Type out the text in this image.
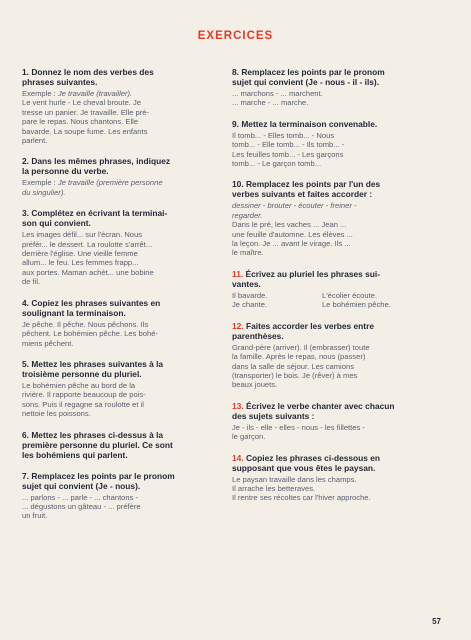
EXERCICES
1. Donnez le nom des verbes des
phrases suivantes.
Exemple : Je travaille (travailler).
Le vent hurle - Le cheval broute. Je
tresse un panier. Je travaille. Elle pré-
pare le repas. Nous chantons. Elle
bavarde. La soupe fume. Les enfants
parlent.
2. Dans les mêmes phrases, indiquez
la personne du verbe.
Exemple : Je travaille (première personne
du singulier).
3. Complétez en écrivant la terminai-
son qui convient.
Les images défil... sur l'écran. Nous
préfér... le dessert. La roulotte s'arrêt...
derrière l'église. Une vieille femme
allum... le feu. Les femmes frapp...
aux portes. Maman achèt... une bobine
de fil.
4. Copiez les phrases suivantes en
soulignant la terminaison.
Je pêche. Il pêche. Nous pêchons. Ils
pêchent. Le bohémien pêche. Les bohé-
miens pêchent.
5. Mettez les phrases suivantes à la
troisième personne du pluriel.
Le bohémien pêche au bord de la
rivière. Il rapporte beaucoup de pois-
sons. Puis il regagne sa roulotte et il
nettoie les poissons.
6. Mettez les phrases ci-dessus à la
première personne du pluriel. Ce sont
les bohémiens qui parlent.
7. Remplacez les points par le pronom
sujet qui convient (Je - nous).
... parlons - ... parle - ... chantons -
... dégustons un gâteau - ... préfère
un fruit.
8. Remplacez les points par le pronom
sujet qui convient (Je - nous - il - ils).
... marchons - ... marchent.
... marche - ... marche.
9. Mettez la terminaison convenable.
Il tomb... - Elles tomb... - Nous
tomb... - Elle tomb... - Ils tomb... -
Les feuilles tomb... - Les garçons
tomb... - Le garçon tomb...
10. Remplacez les points par l'un des
verbes suivants et faites accorder :
dessiner - brouter - écouter - freiner -
regarder.
Dans le pré, les vaches ... Jean ...
une feuille d'automne. Les élèves ...
la leçon. Je ... avant le virage. Ils ...
le maître.
11. Écrivez au pluriel les phrases sui-
vantes.
Il bavarde.	L'écolier écoute.
Je chante.	Le bohémien pêche.
12. Faites accorder les verbes entre
parenthèses.
Grand-père (arriver). Il (embrasser) toute
la famille. Après le repas, nous (passer)
dans la salle de séjour. Les camions
(transporter) le bois. Je (rêver) à mes
beaux jouets.
13. Écrivez le verbe chanter avec chacun
des sujets suivants :
Je - ils - elle - elles - nous - les fillettes -
le garçon.
14. Copiez les phrases ci-dessous en
supposant que vous êtes le paysan.
Le paysan travaille dans les champs.
Il arrache les betteraves.
Il rentre ses récoltes car l'hiver approche.
57
